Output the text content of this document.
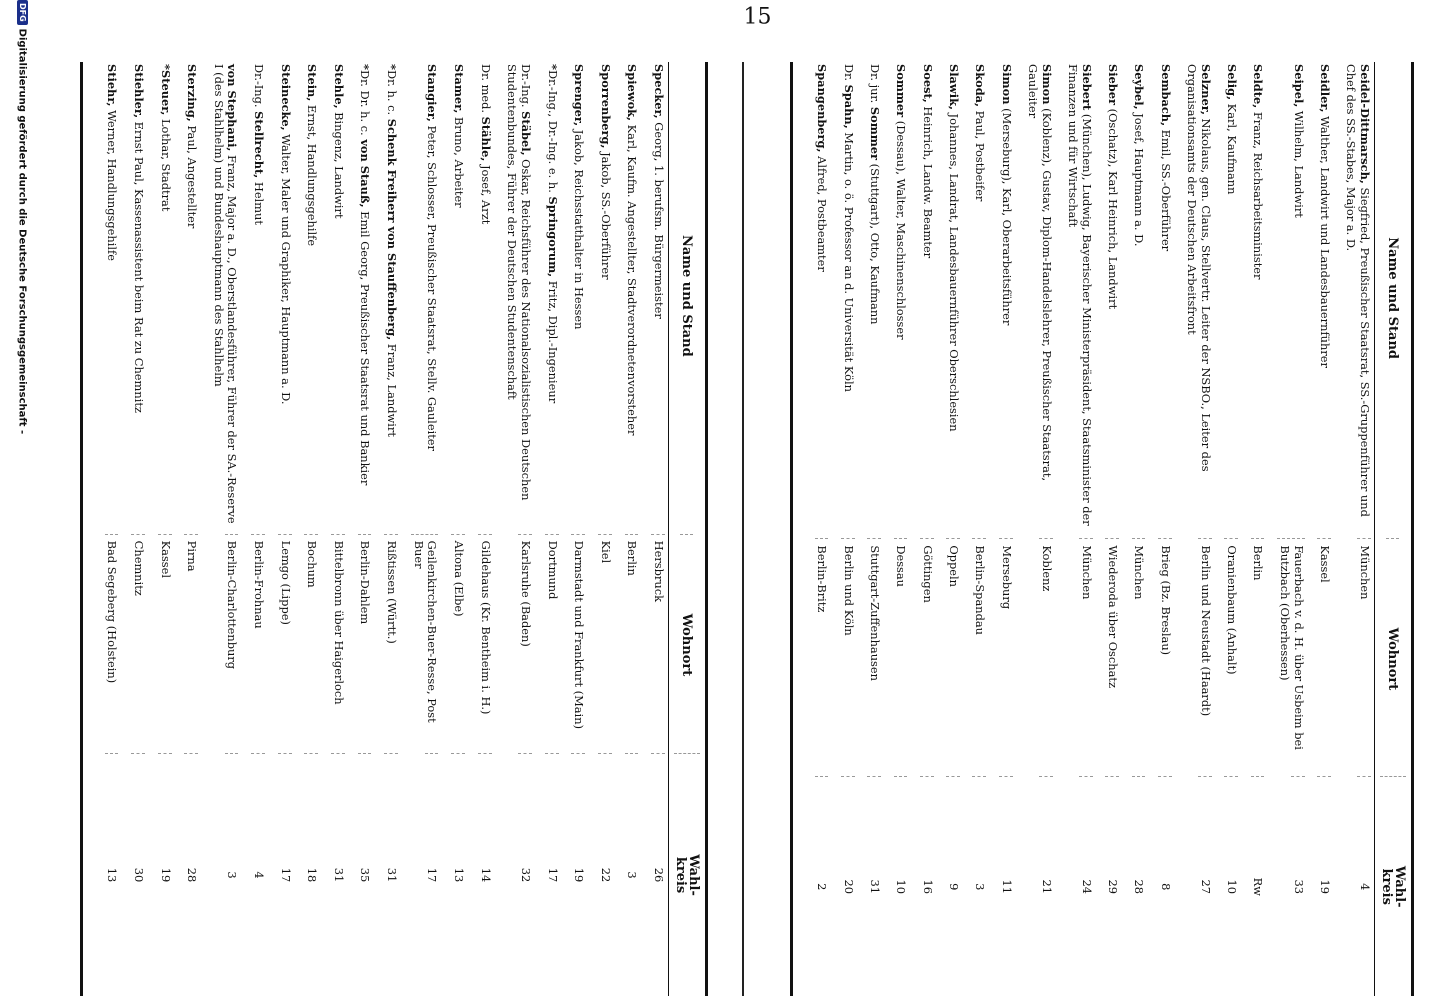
Name und Stand
Wohnort
Wahl-
kreis
Seidel-Dittmarsch, Siegfried, Preußischer Staatsrat, SS.-Gruppenführer und Chef des SS.-Stabes, Major a. D.
München
4
Seidler, Walther, Landwirt und Landesbauernführer
Kassel
19
Seipel, Wilhelm, Landwirt
Fauerbach v. d. H. über Usbeim bei Butzbach (Oberhessen)
33
Seldte, Franz, Reichsarbeitsminister
Berlin
Rw
Selig, Karl, Kaufmann
Oranienbaum (Anhalt)
10
Selzner, Nikolaus, gen. Claus, Stellvertr. Leiter der NSBO., Leiter des Organisationsamts der Deutschen Arbeitsfront
Berlin und Neustadt (Haardt)
27
Sembach, Emil, SS.-Oberführer
Brieg (Bz. Breslau)
8
Seybel, Josef, Hauptmann a. D.
München
28
Sieber (Oschatz), Karl Heinrich, Landwirt
Wiederoda über Oschatz
29
Siebert (München), Ludwig, Bayerischer Ministerpräsident, Staatsminister der Finanzen und für Wirtschaft
München
24
Simon (Koblenz), Gustav, Diplom-Handelslehrer, Preußischer Staatsrat, Gauleiter
Koblenz
21
Simon (Merseburg), Karl, Oberarbeitsführer
Merseburg
11
Skoda, Paul, Postbeifer
Berlin-Spandau
3
Slawik, Johannes, Landrat, Landesbauernführer Oberschlesien
Oppeln
9
Soest, Heinrich, Landw. Beamter
Göttingen
16
Sommer (Dessau), Walter, Maschinenschlosser
Dessau
10
Dr. jur. Sommer (Stuttgart), Otto, Kaufmann
Stuttgart-Zuffenhausen
31
Dr. Spahn, Martin, o. ö. Professor an d. Universität Köln
Berlin und Köln
20
Spangenberg, Alfred, Postbeamter
Berlin-Britz
2
15
Name und Stand
Wohnort
Wahl-
kreis
Specker, Georg, 1. berufsm. Bürgermeister
Hersbruck
26
Spiewok, Karl, Kaufm. Angestellter, Stadtverordnetenvorsteher
Berlin
3
Sporrenberg, Jakob, SS.-Oberführer
Kiel
22
Sprenger, Jakob, Reichsstatthalter in Hessen
Darmstadt und Frankfurt (Main)
19
*Dr.-Ing., Dr.-Ing. e. h. Springorum, Fritz, Dipl.-Ingenieur
Dortmund
17
Dr.-Ing. Stäbel, Oskar, Reichsführer des Nationalsozialistischen Deutschen Studentenbundes, Führer der Deutschen Studentenschaft
Karlsruhe (Baden)
32
Dr. med. Stähle, Josef, Arzt
Gildehaus (Kr. Bentheim i. H.)
14
Stamer, Bruno, Arbeiter
Altona (Elbe)
13
Stangier, Peter, Schlosser, Preußischer Staatsrat, Stellv. Gauleiter
Geilenkirchen-Buer-Resse, Post Buer
17
*Dr. h. c. Schenk Freiherr von Stauffenberg, Franz, Landwirt
Rißtissen (Württ.)
31
*Dr. Dr. h. c. von Stauß, Emil Georg, Preußischer Staatsrat und Bankier
Berlin-Dahlem
35
Stehle, Bingenz, Landwirt
Bittelbronn über Haigerloch
31
Stein, Ernst, Handlungsgehilfe
Bochum
18
Steinecke, Walter, Maler und Graphiker, Hauptmann a. D.
Lemgo (Lippe)
17
Dr.-Ing. Stellrecht, Helmut
Berlin-Frohnau
4
von Stephani, Franz, Major a. D., Oberstlandesführer, Führer der SA.-Reserve I (des Stahlhelm) und Bundeshauptmann des Stahlhelm
Berlin-Charlottenburg
3
Sterzing, Paul, Angestellter
Pirna
28
*Steuer, Lothar, Stadtrat
Kassel
19
Stiehler, Ernst Paul, Kassenassistent beim Rat zu Chemnitz
Chemnitz
30
Stiehr, Werner, Handlungsgehilfe
Bad Segeberg (Holstein)
13
DFGDigitalisierung gefördert durch die Deutsche Forschungsgemeinschaft -
